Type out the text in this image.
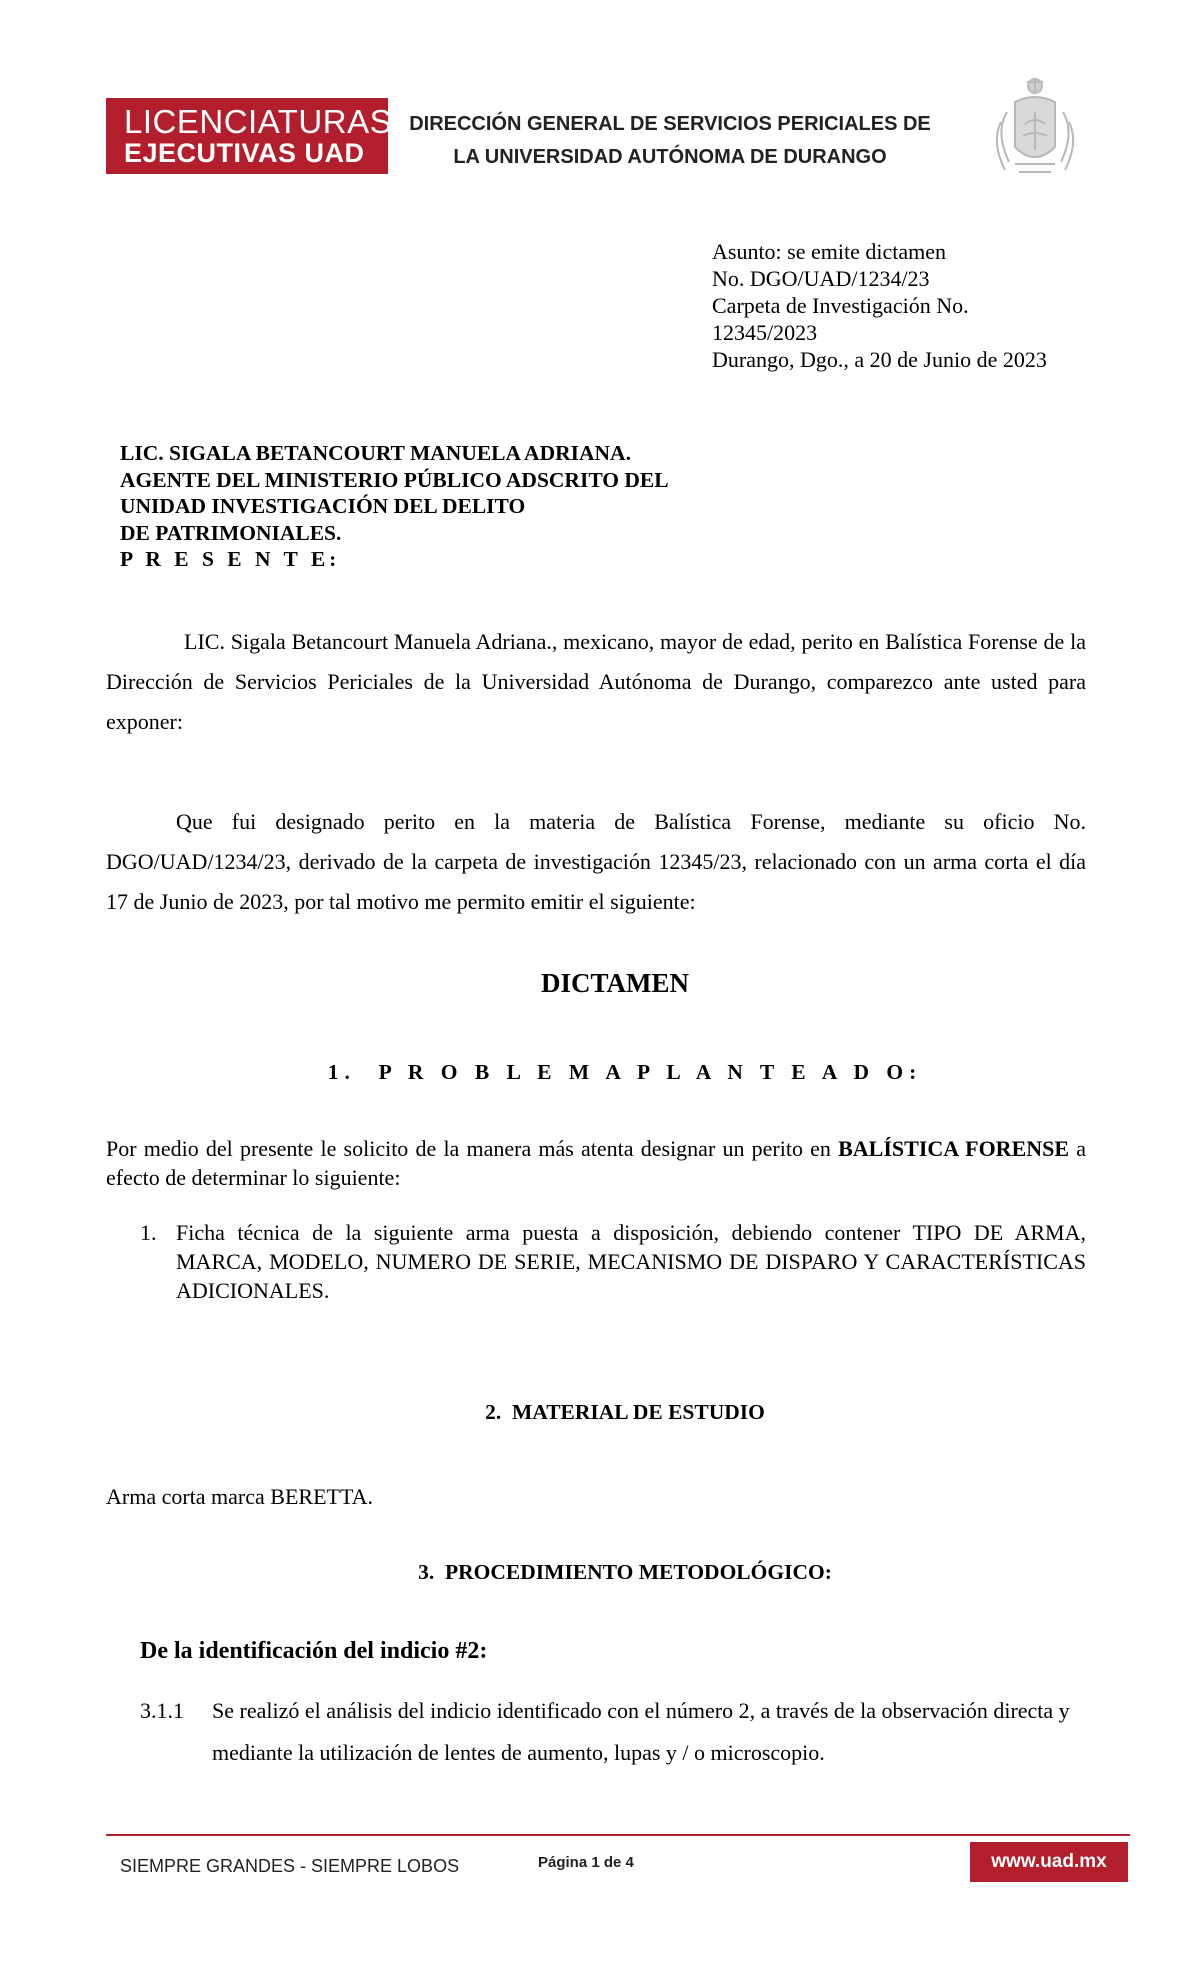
LICENCIATURAS
EJECUTIVAS UAD
DIRECCIÓN GENERAL DE SERVICIOS PERICIALES DE
LA UNIVERSIDAD AUTÓNOMA DE DURANGO
Asunto: se emite dictamen
No. DGO/UAD/1234/23
Carpeta de Investigación No.
12345/2023
Durango, Dgo., a 20 de Junio de 2023
LIC. SIGALA BETANCOURT MANUELA ADRIANA.
AGENTE DEL MINISTERIO PÚBLICO ADSCRITO DEL
UNIDAD INVESTIGACIÓN DEL DELITO
DE PATRIMONIALES.
P R E S E N T E:
LIC. Sigala Betancourt Manuela Adriana., mexicano, mayor de edad, perito en Balística Forense de la Dirección de Servicios Periciales de la Universidad Autónoma de Durango, comparezco ante usted para exponer:
Que fui designado perito en la materia de Balística Forense, mediante su oficio No. DGO/UAD/1234/23, derivado de la carpeta de investigación 12345/23, relacionado con un arma corta el día 17 de Junio de 2023, por tal motivo me permito emitir el siguiente:
DICTAMEN
1. P R O B L E M A P L A N T E A D O:
Por medio del presente le solicito de la manera más atenta designar un perito en BALÍSTICA FORENSE a efecto de determinar lo siguiente:
1. Ficha técnica de la siguiente arma puesta a disposición, debiendo contener TIPO DE ARMA, MARCA, MODELO, NUMERO DE SERIE, MECANISMO DE DISPARO Y CARACTERÍSTICAS ADICIONALES.
2. MATERIAL DE ESTUDIO
Arma corta marca BERETTA.
3. PROCEDIMIENTO METODOLÓGICO:
De la identificación del indicio #2:
3.1.1	Se realizó el análisis del indicio identificado con el número 2, a través de la observación directa y mediante la utilización de lentes de aumento, lupas y / o microscopio.
SIEMPRE GRANDES - SIEMPRE LOBOS	Página 1 de 4	www.uad.mx
